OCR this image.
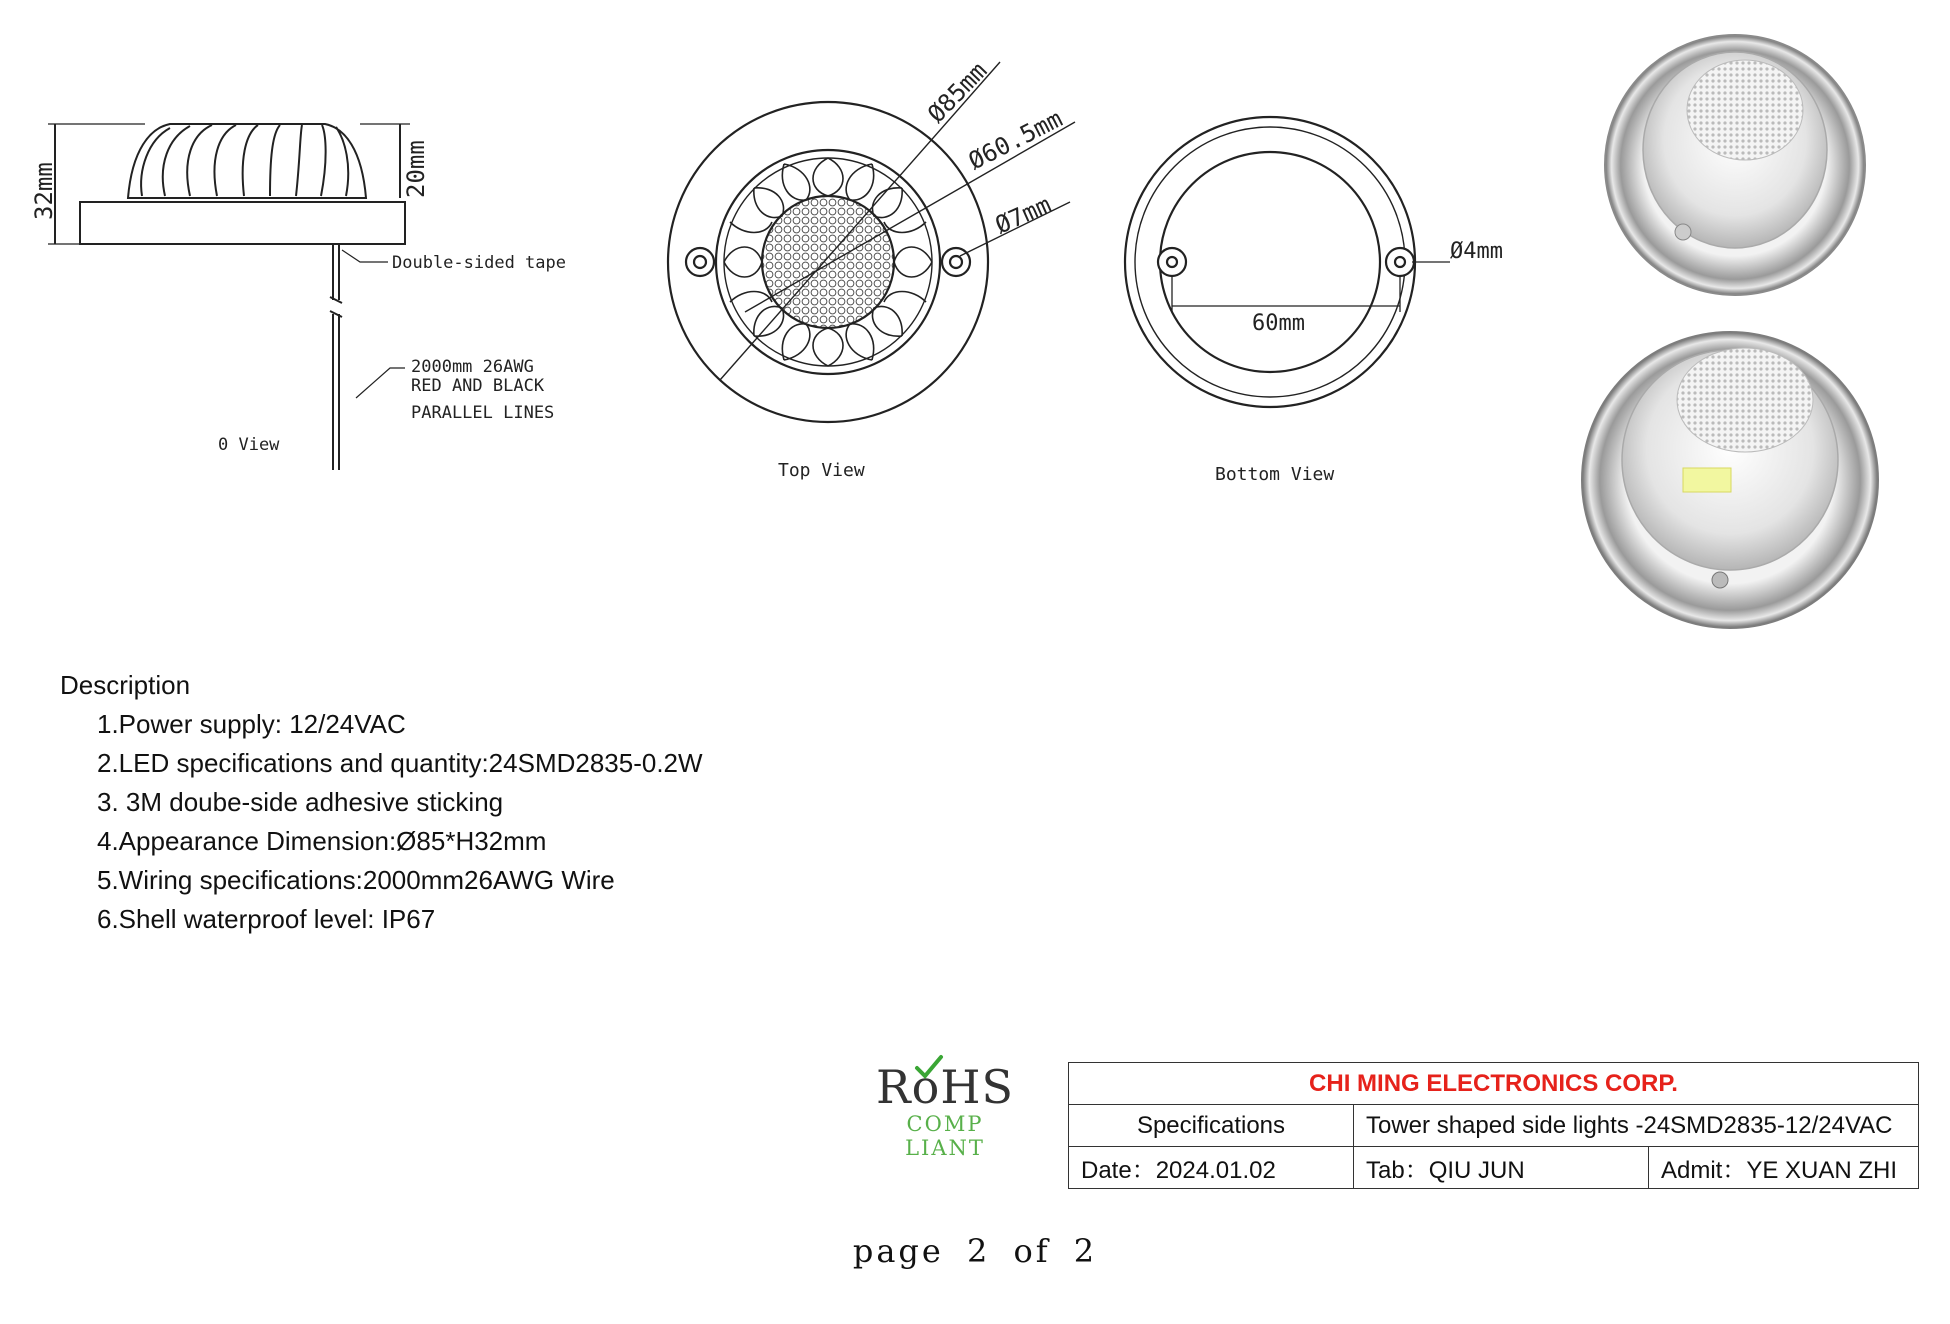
32mm	20mm
Double-sided tape
2000mm 26AWG
RED AND BLACK
PARALLEL LINES
0 View
Ø85mm
Ø60.5mm
Ø7mm
Top View
Ø4mm
60mm
Bottom View

Description

1.Power supply: 12/24VAC
2.LED specifications and quantity:24SMD2835-0.2W
3. 3M doube-side adhesive sticking
4.Appearance Dimension:Ø85*H32mm
5.Wiring specifications:2000mm26AWG Wire
6.Shell waterproof level: IP67
RoHS
COMP LIANT
CHI MING ELECTRONICS CORP.		
Specifications	Tower shaped side lights -24SMD2835-12/24VAC	
Date：2024.01.02	Tab：QIU JUN	Admit：YE XUAN ZHI
page 2 of 2
